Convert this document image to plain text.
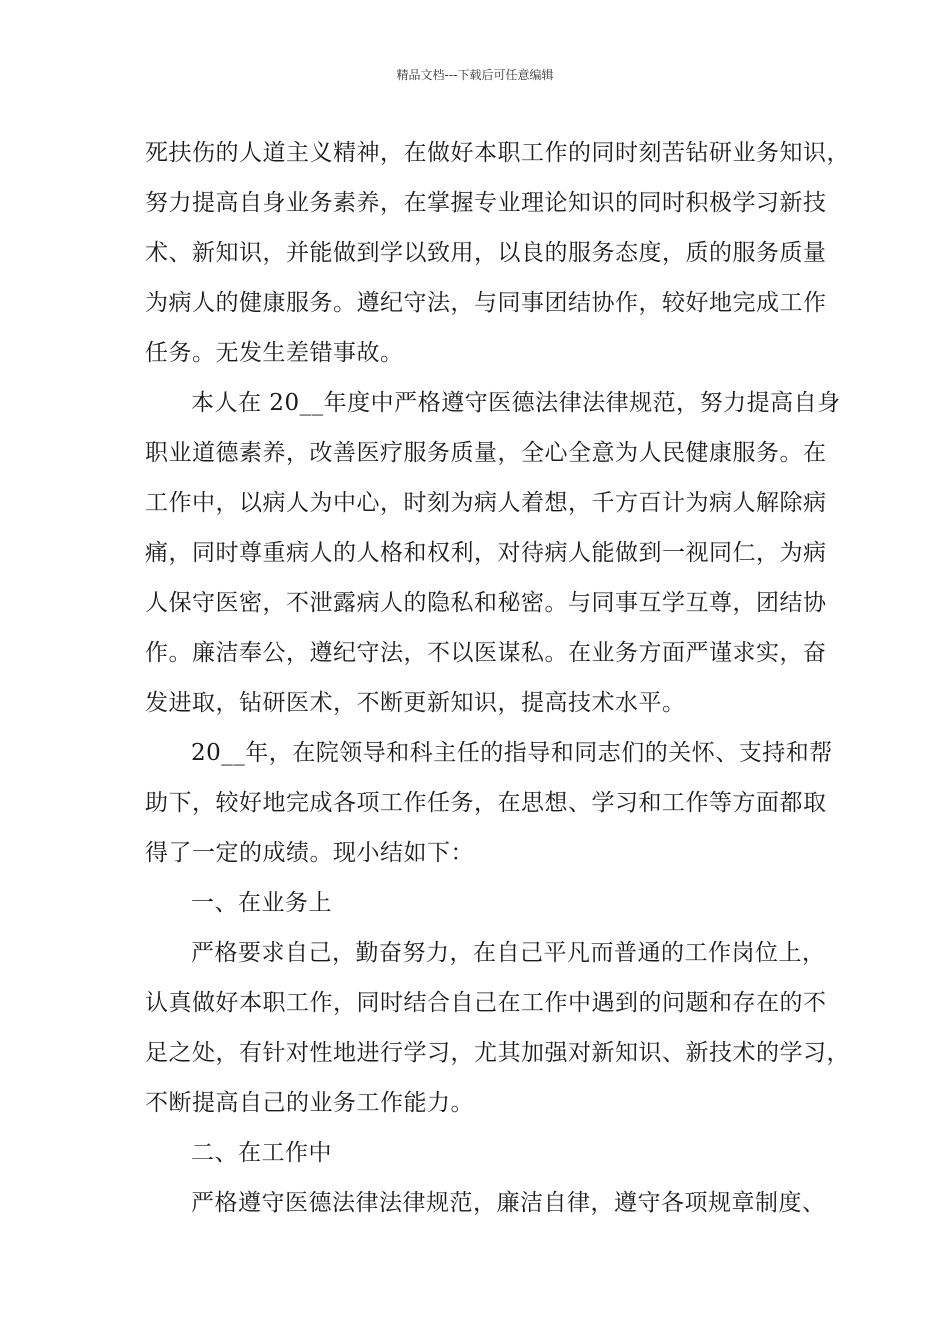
精品文档---下载后可任意编辑
死扶伤的人道主义精神，在做好本职工作的同时刻苦钻研业务知识，
努力提高自身业务素养，在掌握专业理论知识的同时积极学习新技
术、新知识，并能做到学以致用，以良的服务态度，质的服务质量
为病人的健康服务。遵纪守法，与同事团结协作，较好地完成工作
任务。无发生差错事故。
本人在 20__年度中严格遵守医德法律法律规范，努力提高自身
职业道德素养，改善医疗服务质量，全心全意为人民健康服务。在
工作中，以病人为中心，时刻为病人着想，千方百计为病人解除病
痛，同时尊重病人的人格和权利，对待病人能做到一视同仁，为病
人保守医密，不泄露病人的隐私和秘密。与同事互学互尊，团结协
作。廉洁奉公，遵纪守法，不以医谋私。在业务方面严谨求实，奋
发进取，钻研医术，不断更新知识，提高技术水平。
20__年，在院领导和科主任的指导和同志们的关怀、支持和帮
助下，较好地完成各项工作任务，在思想、学习和工作等方面都取
得了一定的成绩。现小结如下：
一、在业务上
严格要求自己，勤奋努力，在自己平凡而普通的工作岗位上，
认真做好本职工作，同时结合自己在工作中遇到的问题和存在的不
足之处，有针对性地进行学习，尤其加强对新知识、新技术的学习，
不断提高自己的业务工作能力。
二、在工作中
严格遵守医德法律法律规范，廉洁自律，遵守各项规章制度、
